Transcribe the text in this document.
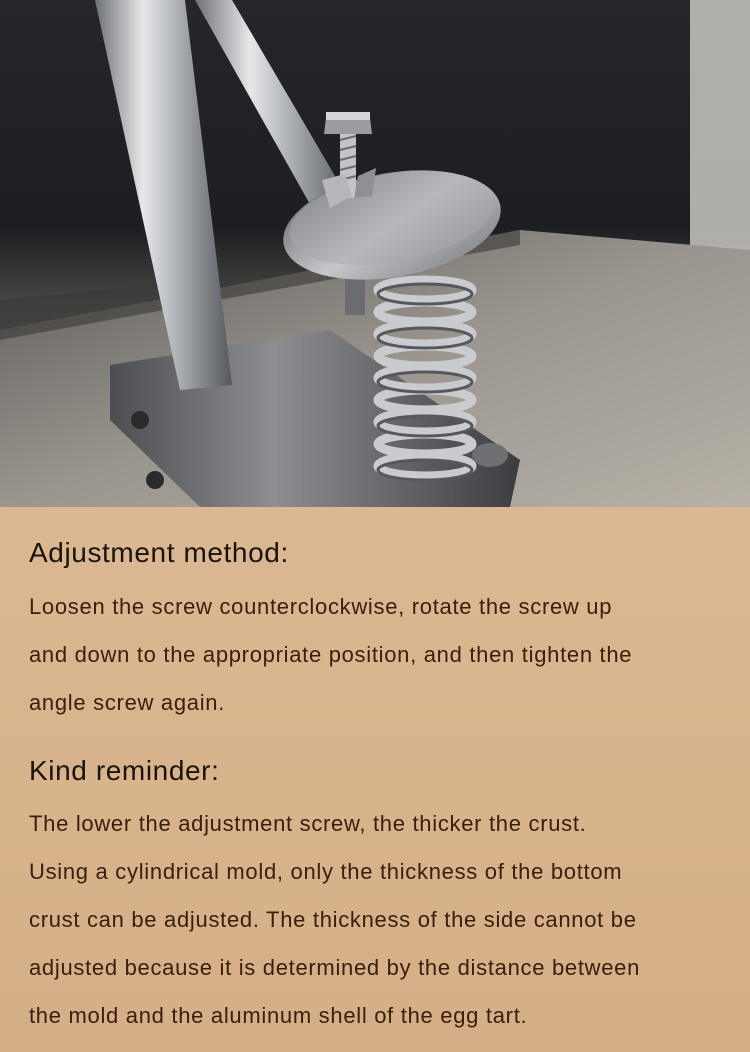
Adjustment method:

Loosen the screw counterclockwise, rotate the screw up
and down to the appropriate position, and then tighten the
angle screw again.

Kind reminder:

The lower the adjustment screw, the thicker the crust.
Using a cylindrical mold, only the thickness of the bottom
crust can be adjusted. The thickness of the side cannot be
adjusted because it is determined by the distance between
the mold and the aluminum shell of the egg tart.
